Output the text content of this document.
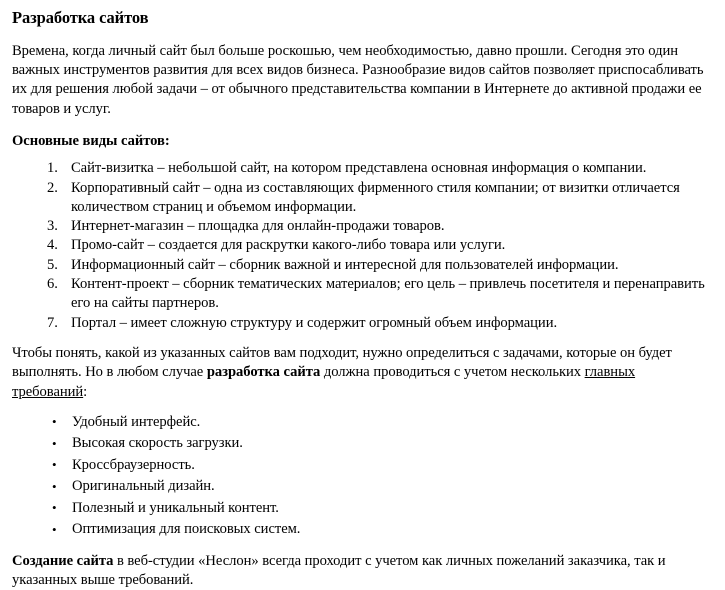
Разработка сайтов

Времена, когда личный сайт был больше роскошью, чем необходимостью, давно прошли. Сегодня это один важных инструментов развития для всех видов бизнеса. Разнообразие видов сайтов позволяет приспосабливать их для решения любой задачи – от обычного представительства компании в Интернете до активной продажи ее товаров и услуг.

Основные виды сайтов:

Сайт-визитка – небольшой сайт, на котором представлена основная информация о компании.
Корпоративный сайт – одна из составляющих фирменного стиля компании; от визитки отличается количеством страниц и объемом информации.
Интернет-магазин – площадка для онлайн-продажи товаров.
Промо-сайт – создается для раскрутки какого-либо товара или услуги.
Информационный сайт – сборник важной и интересной для пользователей информации.
Контент-проект – сборник тематических материалов; его цель – привлечь посетителя и перенаправить его на сайты партнеров.
Портал – имеет сложную структуру и содержит огромный объем информации.

Чтобы понять, какой из указанных сайтов вам подходит, нужно определиться с задачами, которые он будет выполнять. Но в любом случае разработка сайта должна проводиться с учетом нескольких главных требований:

• Удобный интерфейс.
• Высокая скорость загрузки.
• Кроссбраузерность.
• Оригинальный дизайн.
• Полезный и уникальный контент.
• Оптимизация для поисковых систем.

Создание сайта в веб-студии «Неслон» всегда проходит с учетом как личных пожеланий заказчика, так и указанных выше требований.
